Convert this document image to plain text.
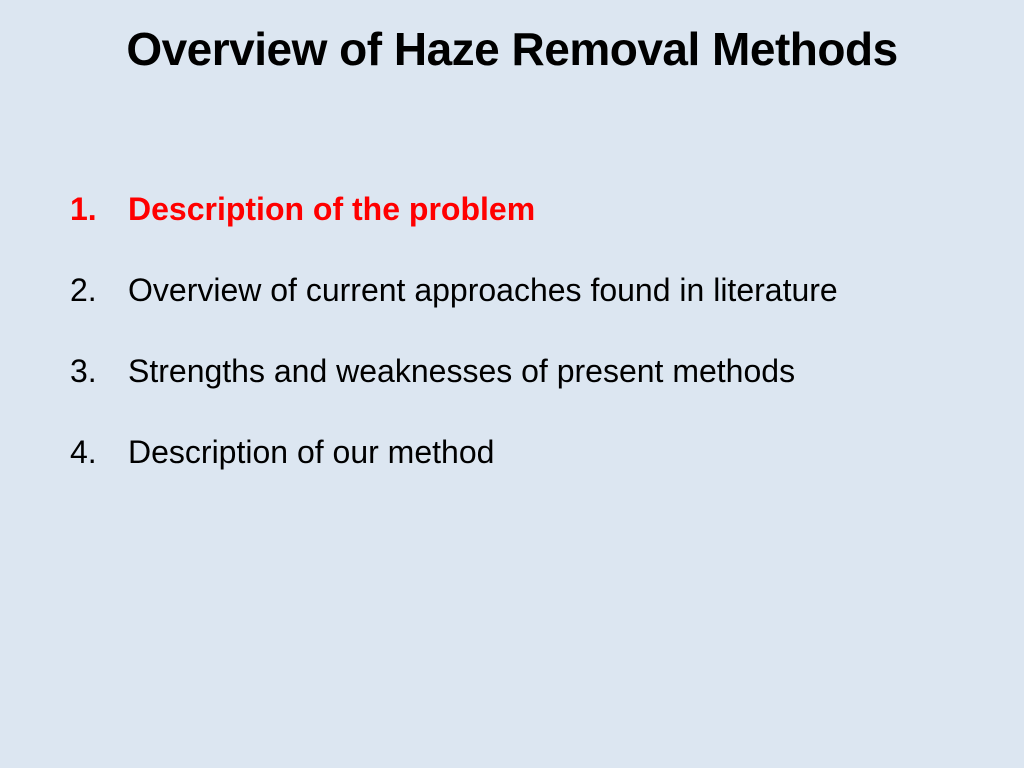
Overview of Haze Removal Methods
1. Description of the problem
2. Overview of current approaches found in literature
3. Strengths and weaknesses of present methods
4. Description of our method
